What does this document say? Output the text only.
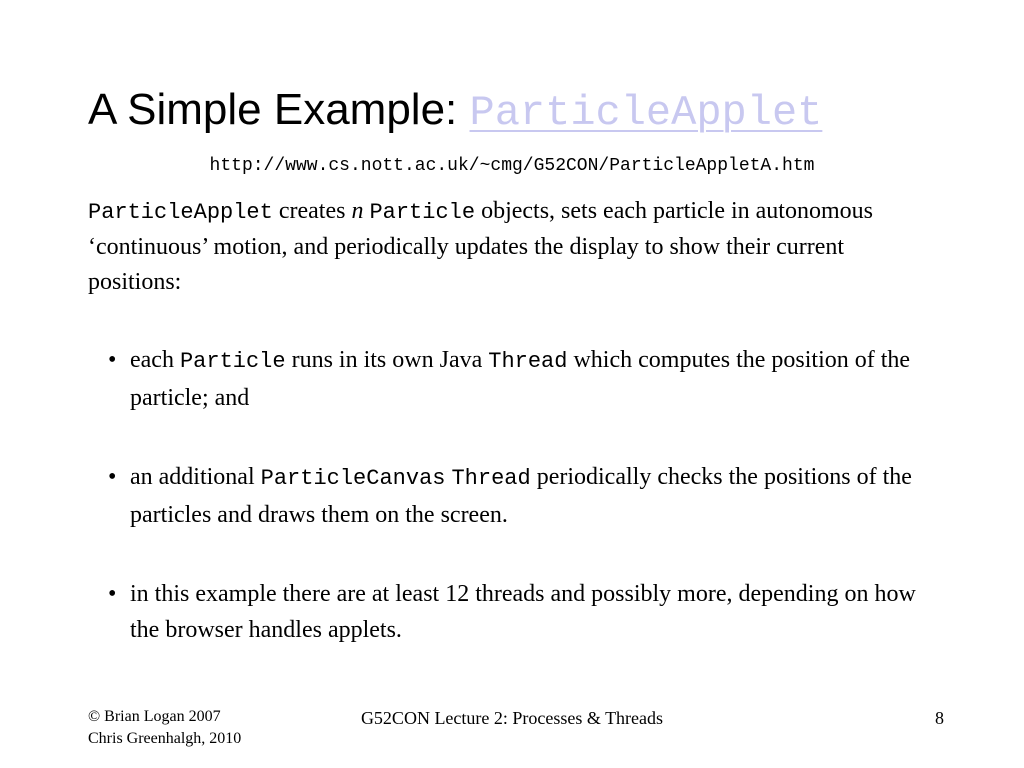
A Simple Example: ParticleApplet
http://www.cs.nott.ac.uk/~cmg/G52CON/ParticleAppletA.htm

ParticleApplet creates n Particle objects, sets each particle in autonomous ‘continuous’ motion, and periodically updates the display to show their current positions:

• each Particle runs in its own Java Thread which computes the position of the particle; and
• an additional ParticleCanvas Thread periodically checks the positions of the particles and draws them on the screen.
• in this example there are at least 12 threads and possibly more, depending on how the browser handles applets.
© Brian Logan 2007
Chris Greenhalgh, 2010
G52CON Lecture 2: Processes & Threads	8
